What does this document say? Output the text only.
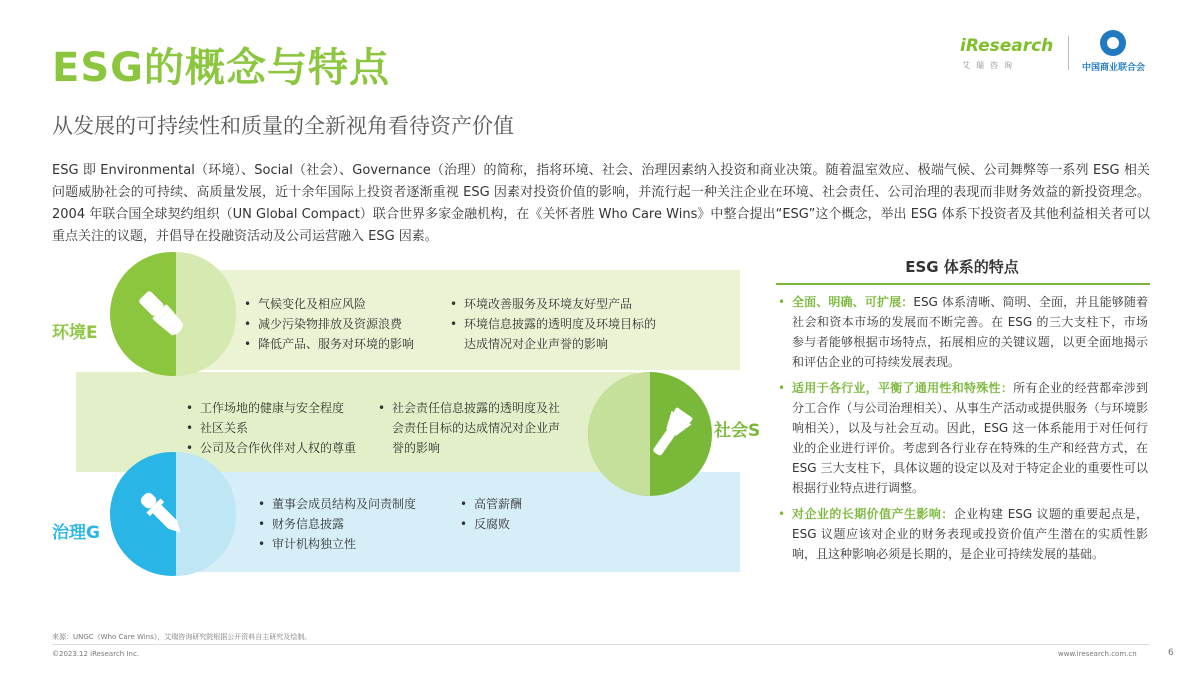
ESG的概念与特点
从发展的可持续性和质量的全新视角看待资产价值
iResearch
艾瑞咨询	中国商业联合会
ESG 即 Environmental（环境）、Social（社会）、Governance（治理）的简称，指将环境、社会、治理因素纳入投资和商业决策。随着温室效应、极端气候、公司舞弊等一系列 ESG 相关问题威胁社会的可持续、高质量发展，近十余年国际上投资者逐渐重视 ESG 因素对投资价值的影响，并流行起一种关注企业在环境、社会责任、公司治理的表现而非财务效益的新投资理念。2004 年联合国全球契约组织（UN Global Compact）联合世界多家金融机构，在《关怀者胜 Who Care Wins》中整合提出“ESG”这个概念，举出 ESG 体系下投资者及其他利益相关者可以重点关注的议题，并倡导在投融资活动及公司运营融入 ESG 因素。
环境E
社会S
治理G
• 气候变化及相应风险
• 减少污染物排放及资源浪费
• 降低产品、服务对环境的影响
• 环境改善服务及环境友好型产品
• 环境信息披露的透明度及环境目标的达成情况对企业声誉的影响
• 工作场地的健康与安全程度
• 社区关系
• 公司及合作伙伴对人权的尊重
• 社会责任信息披露的透明度及社会责任目标的达成情况对企业声誉的影响
• 董事会成员结构及问责制度
• 财务信息披露
• 审计机构独立性
• 高管薪酬
• 反腐败
ESG 体系的特点
• 全面、明确、可扩展：ESG 体系清晰、简明、全面，并且能够随着社会和资本市场的发展而不断完善。在 ESG 的三大支柱下，市场参与者能够根据市场特点，拓展相应的关键议题，以更全面地揭示和评估企业的可持续发展表现。
• 适用于各行业，平衡了通用性和特殊性：所有企业的经营都牵涉到分工合作（与公司治理相关）、从事生产活动或提供服务（与环境影响相关），以及与社会互动。因此，ESG 这一体系能用于对任何行业的企业进行评价。考虑到各行业存在特殊的生产和经营方式，在 ESG 三大支柱下，具体议题的设定以及对于特定企业的重要性可以根据行业特点进行调整。
• 对企业的长期价值产生影响：企业构建 ESG 议题的重要起点是，ESG 议题应该对企业的财务表现或投资价值产生潜在的实质性影响，且这种影响必须是长期的，是企业可持续发展的基础。
来源：UNGC《Who Care Wins》，艾瑞咨询研究院根据公开资料自主研究及绘制。
©2023.12 iResearch Inc.	www.iresearch.com.cn	6
